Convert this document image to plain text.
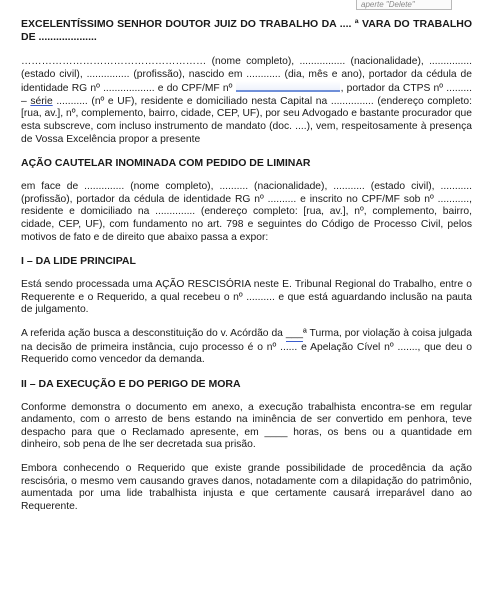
aperte "Delete"
EXCELENTÍSSIMO SENHOR DOUTOR JUIZ DO TRABALHO DA .... ª VARA DO TRABALHO DE ....................

……………………………………………… (nome completo), ................ (nacionalidade), ............... (estado civil), ............... (profissão), nascido em ............ (dia, mês e ano), portador da cédula de identidade RG nº .................. e do CPF/MF nº	, portador da CTPS nº ......... – série ........... (nº e UF), residente e domiciliado nesta Capital na ............... (endereço completo: [rua, av.], nº, complemento, bairro, cidade, CEP, UF), por seu Advogado e bastante procurador que esta subscreve, com incluso instrumento de mandato (doc. ....), vem, respeitosamente à presença de Vossa Excelência propor a presente

AÇÃO CAUTELAR INOMINADA COM PEDIDO DE LIMINAR

em face de .............. (nome completo), .......... (nacionalidade), ........... (estado civil), ........... (profissão), portador da cédula de identidade RG nº .......... e inscrito no CPF/MF sob nº ..........., residente e domiciliado na .............. (endereço completo: [rua, av.], nº, complemento, bairro, cidade, CEP, UF), com fundamento no art. 798 e seguintes do Código de Processo Civil, pelos motivos de fato e de direito que abaixo passa a expor:

I – DA LIDE PRINCIPAL

Está sendo processada uma AÇÃO RESCISÓRIA neste E. Tribunal Regional do Trabalho, entre o Requerente e o Requerido, a qual recebeu o nº .......... e que está aguardando inclusão na pauta de julgamento.

A referida ação busca a desconstituição do v. Acórdão da ___ª Turma, por violação à coisa julgada na decisão de primeira instância, cujo processo é o nº ...... e Apelação Cível nº ......., que deu o Requerido como vencedor da demanda.

II – DA EXECUÇÃO E DO PERIGO DE MORA

Conforme demonstra o documento em anexo, a execução trabalhista encontra-se em regular andamento, com o arresto de bens estando na iminência de ser convertido em penhora, teve despacho para que o Reclamado apresente, em ____ horas, os bens ou a quantidade em dinheiro, sob pena de lhe ser decretada sua prisão.

Embora conhecendo o Requerido que existe grande possibilidade de procedência da ação rescisória, o mesmo vem causando graves danos, notadamente com a dilapidação do patrimônio, aumentada por uma lide trabalhista injusta e que certamente causará irreparável dano ao Requerente.
